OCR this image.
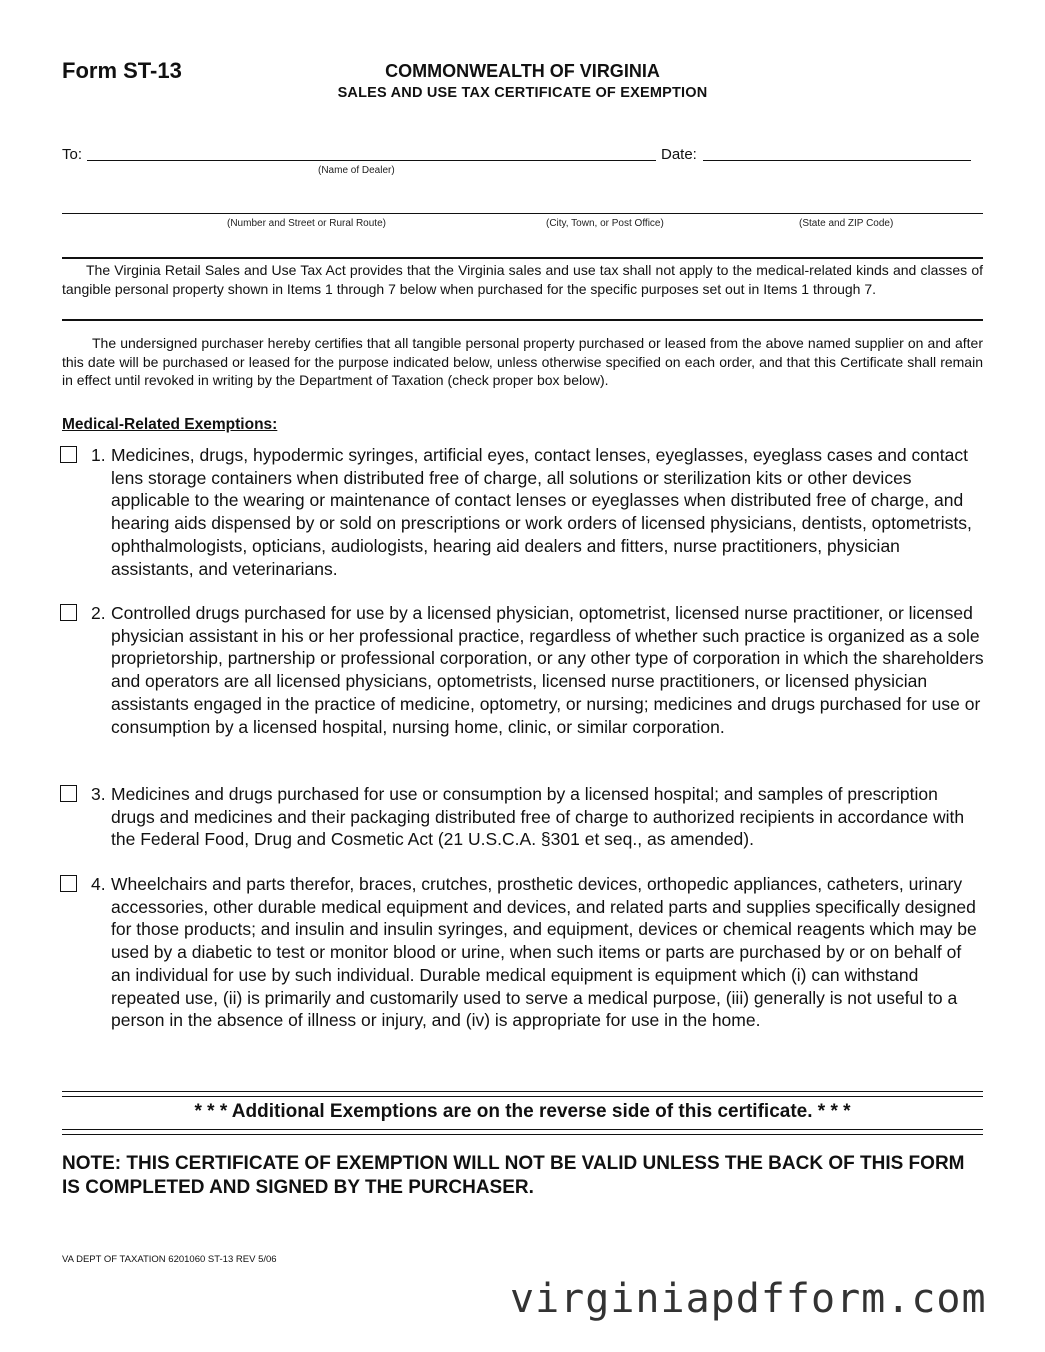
Form ST-13	COMMONWEALTH OF VIRGINIA
SALES AND USE TAX CERTIFICATE OF EXEMPTION
To:
(Name of Dealer)
Date:
(Number and Street or Rural Route)	(City, Town, or Post Office)	(State and ZIP Code)
The Virginia Retail Sales and Use Tax Act provides that the Virginia sales and use tax shall not apply to the medical-related kinds and classes of tangible personal property shown in Items 1 through 7 below when purchased for the specific purposes set out in Items 1 through 7.
The undersigned purchaser hereby certifies that all tangible personal property purchased or leased from the above named supplier on and after this date will be purchased or leased for the purpose indicated below, unless otherwise specified on each order, and that this Certificate shall remain in effect until revoked in writing by the Department of Taxation (check proper box below).
Medical-Related Exemptions:
1. Medicines, drugs, hypodermic syringes, artificial eyes, contact lenses, eyeglasses, eyeglass cases and contact lens storage containers when distributed free of charge, all solutions or sterilization kits or other devices applicable to the wearing or maintenance of contact lenses or eyeglasses when distributed free of charge, and hearing aids dispensed by or sold on prescriptions or work orders of licensed physicians, dentists, optometrists, ophthalmologists, opticians, audiologists, hearing aid dealers and fitters, nurse practitioners, physician assistants, and veterinarians.
2. Controlled drugs purchased for use by a licensed physician, optometrist, licensed nurse practitioner, or licensed physician assistant in his or her professional practice, regardless of whether such practice is organized as a sole proprietorship, partnership or professional corporation, or any other type of corporation in which the shareholders and operators are all licensed physicians, optometrists, licensed nurse practitioners, or licensed physician assistants engaged in the practice of medicine, optometry, or nursing; medicines and drugs purchased for use or consumption by a licensed hospital, nursing home, clinic, or similar corporation.
3. Medicines and drugs purchased for use or consumption by a licensed hospital; and samples of prescription drugs and medicines and their packaging distributed free of charge to authorized recipients in accordance with the Federal Food, Drug and Cosmetic Act (21 U.S.C.A. §301 et seq., as amended).
4. Wheelchairs and parts therefor, braces, crutches, prosthetic devices, orthopedic appliances, catheters, urinary accessories, other durable medical equipment and devices, and related parts and supplies specifically designed for those products; and insulin and insulin syringes, and equipment, devices or chemical reagents which may be used by a diabetic to test or monitor blood or urine, when such items or parts are purchased by or on behalf of an individual for use by such individual. Durable medical equipment is equipment which (i) can withstand repeated use, (ii) is primarily and customarily used to serve a medical purpose, (iii) generally is not useful to a person in the absence of illness or injury, and (iv) is appropriate for use in the home.
* * * Additional Exemptions are on the reverse side of this certificate. * * *
NOTE: THIS CERTIFICATE OF EXEMPTION WILL NOT BE VALID UNLESS THE BACK OF THIS FORM IS COMPLETED AND SIGNED BY THE PURCHASER.
VA DEPT OF TAXATION 6201060 ST-13 REV 5/06
virginiapdfform.com
